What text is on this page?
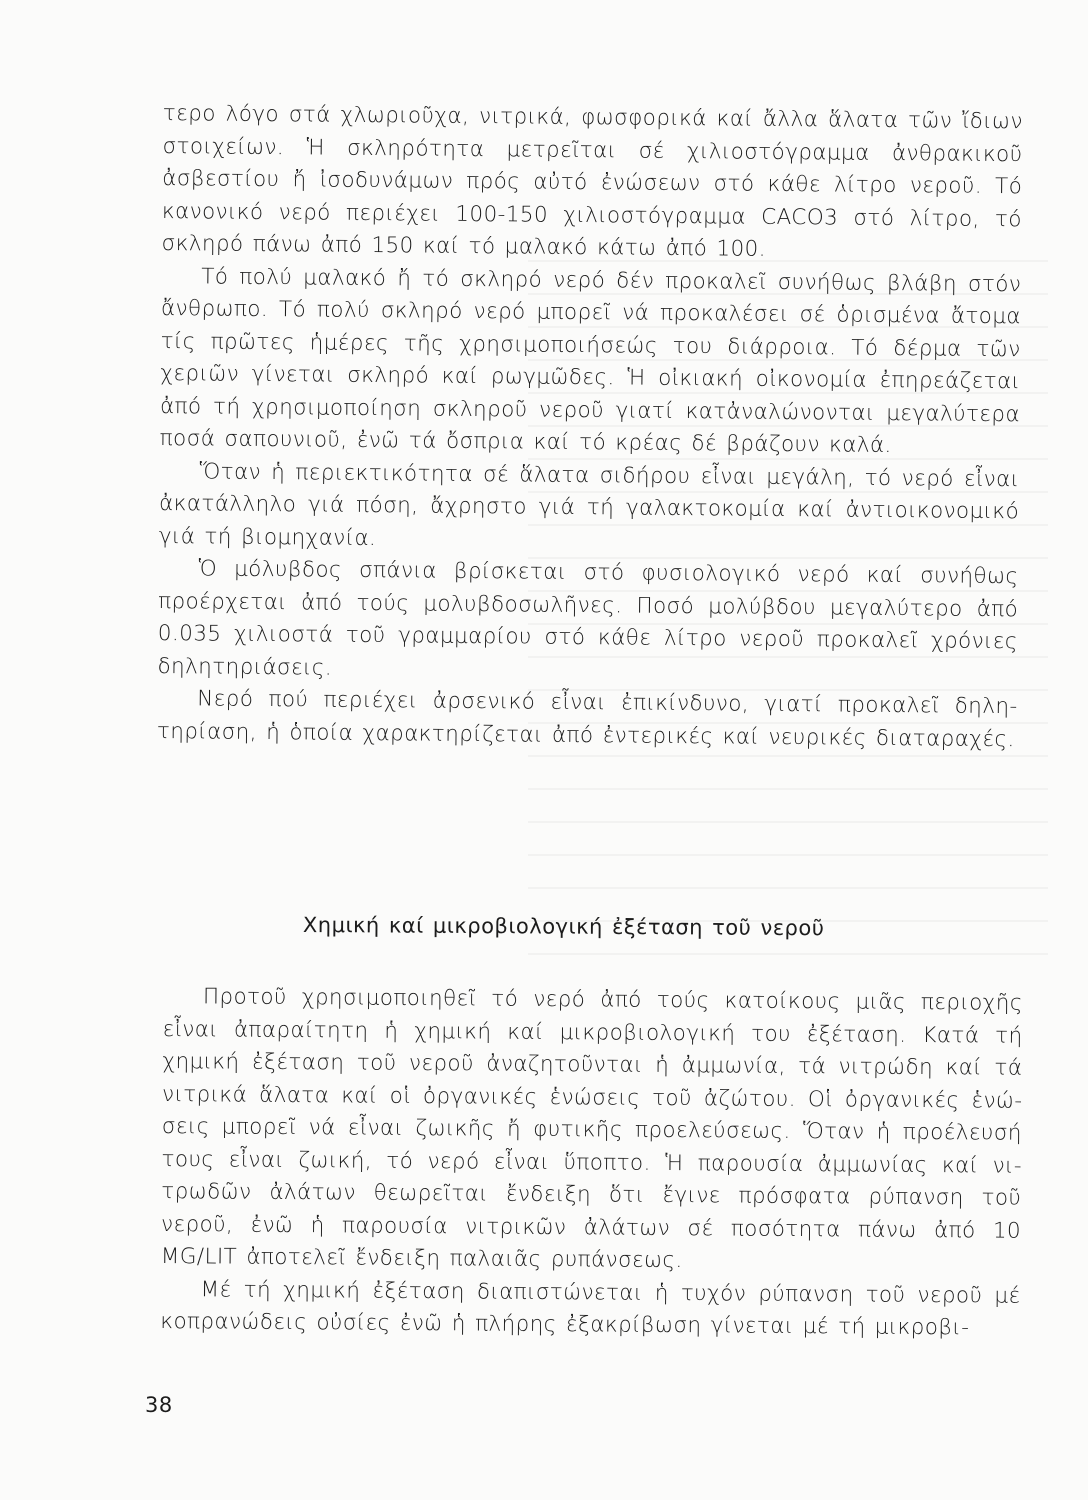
τερο λόγο στά χλωριοῦχα, νιτρικά, φωσφορικά καί ἄλλα ἅλατα τῶν ἴδιων στοιχείων. Ἡ σκληρότητα μετρεῖται σέ χιλιοστόγραμμα ἀνθρακικοῦ ἀσβεστίου ἤ ἰσοδυνάμων πρός αὐτό ἐνώσεων στό κάθε λίτρο νεροῦ. Τό κανονικό νερό περιέχει 100-150 χιλιοστόγραμμα CACO3 στό λίτρο, τό σκληρό πάνω ἀπό 150 καί τό μαλακό κάτω ἀπό 100.

Τό πολύ μαλακό ἤ τό σκληρό νερό δέν προκαλεῖ συνήθως βλάβη στόν ἄνθρωπο. Τό πολύ σκληρό νερό μπορεῖ νά προκαλέσει σέ ὁρισμένα ἄτομα τίς πρῶτες ἡμέρες τῆς χρησιμοποιήσεώς του διάρροια. Τό δέρμα τῶν χεριῶν γίνεται σκληρό καί ρωγμῶδες. Ἡ οἰκιακή οἰκονομία ἐπηρεάζεται ἀπό τή χρησιμοποίηση σκληροῦ νεροῦ γιατί κατἀναλώνονται μεγαλύτερα ποσά σαπουνιοῦ, ἐνῶ τά ὄσπρια καί τό κρέας δέ βράζουν καλά.

Ὅταν ἡ περιεκτικότητα σέ ἅλατα σιδήρου εἶναι μεγάλη, τό νερό εἶναι ἀκατάλληλο γιά πόση, ἄχρηστο γιά τή γαλακτοκομία καί ἀντιοικονομικό γιά τή βιομηχανία.

Ὁ μόλυβδος σπάνια βρίσκεται στό φυσιολογικό νερό καί συνήθως προέρχεται ἀπό τούς μολυβδοσωλῆνες. Ποσό μολύβδου μεγαλύτερο ἀπό 0.035 χιλιοστά τοῦ γραμμαρίου στό κάθε λίτρο νεροῦ προκαλεῖ χρόνιες δηλητηριάσεις.

Νερό πού περιέχει ἀρσενικό εἶναι ἐπικίνδυνο, γιατί προκαλεῖ δηλητηρίαση, ἡ ὁποία χαρακτηρίζεται ἀπό ἐντερικές καί νευρικές διαταραχές.

Χημική καί μικροβιολογική ἐξέταση τοῦ νεροῦ

Προτοῦ χρησιμοποιηθεῖ τό νερό ἀπό τούς κατοίκους μιᾶς περιοχῆς εἶναι ἀπαραίτητη ἡ χημική καί μικροβιολογική του ἐξέταση. Κατά τή χημική ἐξέταση τοῦ νεροῦ ἀναζητοῦνται ἡ ἀμμωνία, τά νιτρώδη καί τά νιτρικά ἅλατα καί οἱ ὀργανικές ἑνώσεις τοῦ ἀζώτου. Οἱ ὀργανικές ἑνώσεις μπορεῖ νά εἶναι ζωικῆς ἤ φυτικῆς προελεύσεως. Ὅταν ἡ προέλευσή τους εἶναι ζωική, τό νερό εἶναι ὕποπτο. Ἡ παρουσία ἀμμωνίας καί νιτρωδῶν ἀλάτων θεωρεῖται ἔνδειξη ὅτι ἔγινε πρόσφατα ρύπανση τοῦ νεροῦ, ἐνῶ ἡ παρουσία νιτρικῶν ἀλάτων σέ ποσότητα πάνω ἀπό 10 MG/LIT ἀποτελεῖ ἔνδειξη παλαιᾶς ρυπάνσεως.

Μέ τή χημική ἐξέταση διαπιστώνεται ἡ τυχόν ρύπανση τοῦ νεροῦ μέ κοπρανώδεις οὐσίες ἐνῶ ἡ πλήρης ἐξακρίβωση γίνεται μέ τή μικροβι-

38
